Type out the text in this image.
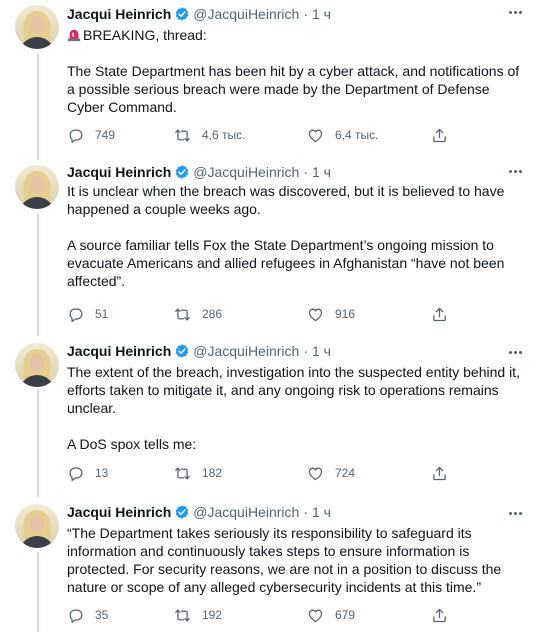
Jacqui Heinrich @JacquiHeinrich · 1 ч

BREAKING, thread:

The State Department has been hit by a cyber attack, and notifications of a possible serious breach were made by the Department of Defense Cyber Command.

749	4,6 тыс.	6,4 тыс.
Jacqui Heinrich @JacquiHeinrich · 1 ч

It is unclear when the breach was discovered, but it is believed to have happened a couple weeks ago.

A source familiar tells Fox the State Department’s ongoing mission to evacuate Americans and allied refugees in Afghanistan “have not been affected”.

51	286	916
Jacqui Heinrich @JacquiHeinrich · 1 ч

The extent of the breach, investigation into the suspected entity behind it, efforts taken to mitigate it, and any ongoing risk to operations remains unclear.

A DoS spox tells me:

13	182	724
Jacqui Heinrich @JacquiHeinrich · 1 ч

“The Department takes seriously its responsibility to safeguard its information and continuously takes steps to ensure information is protected. For security reasons, we are not in a position to discuss the nature or scope of any alleged cybersecurity incidents at this time.”

35	192	679
